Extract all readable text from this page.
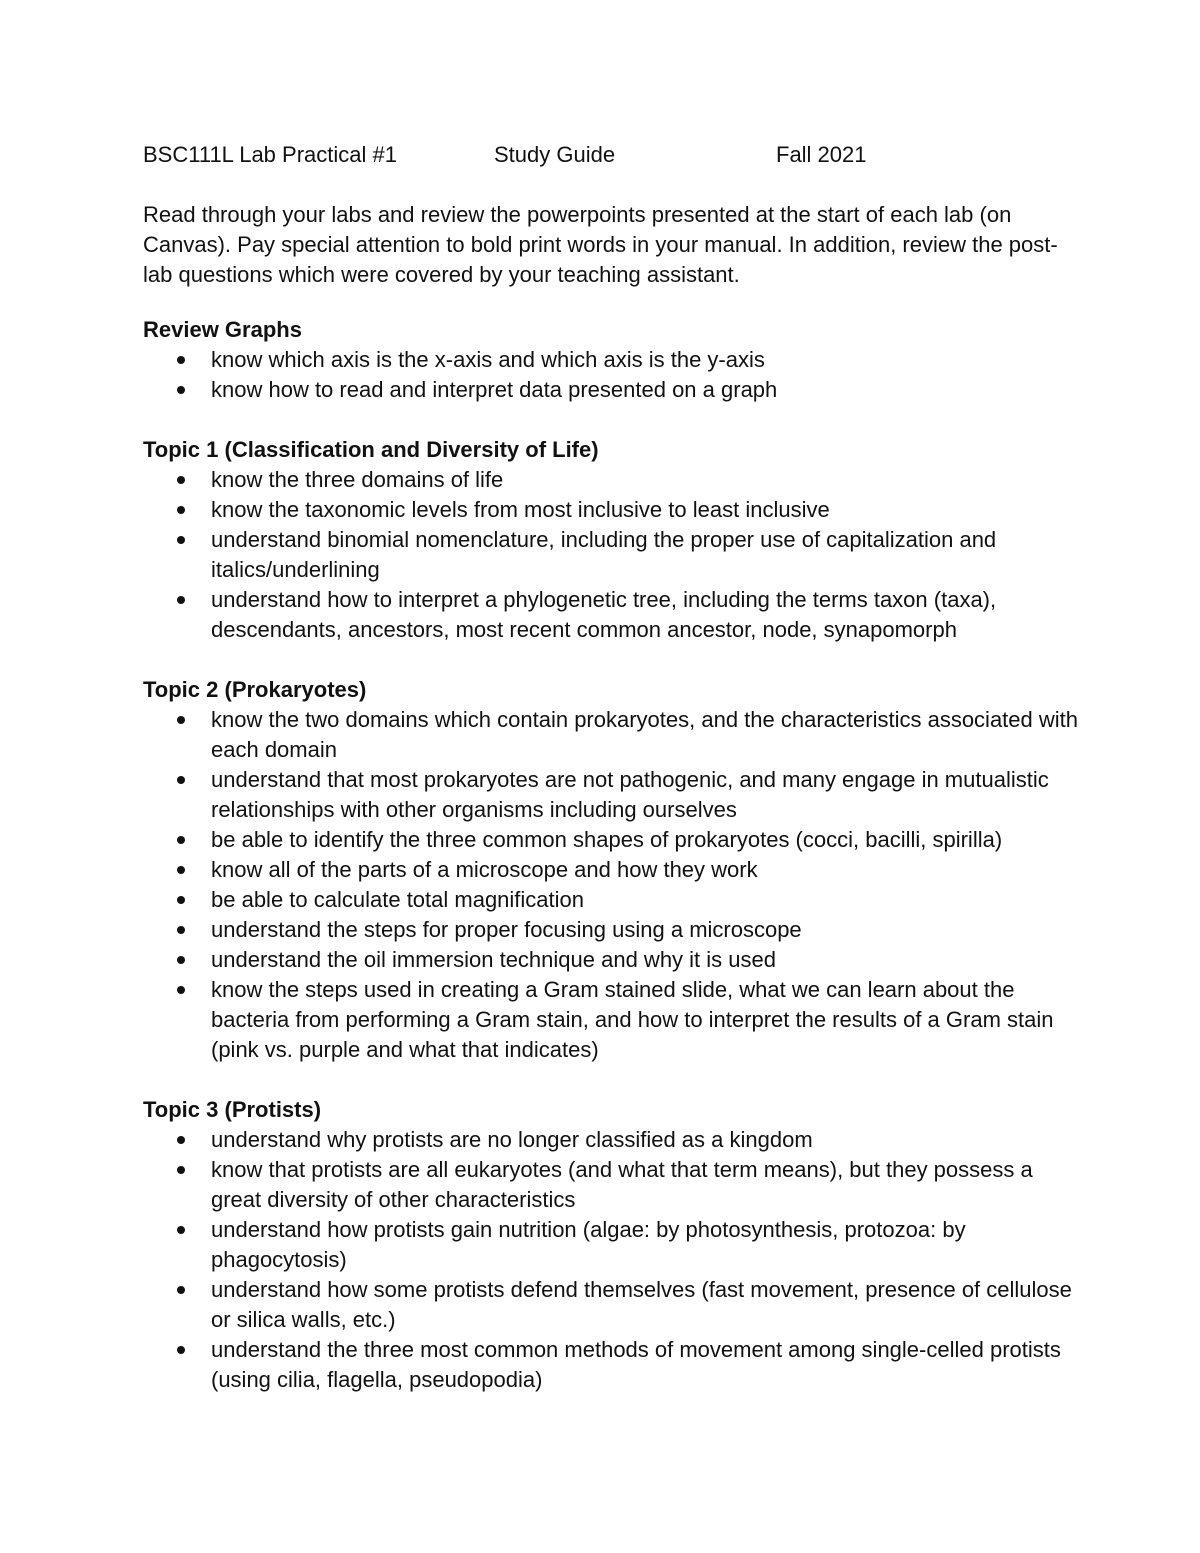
BSC111L Lab Practical #1	Study Guide	Fall 2021

Read through your labs and review the powerpoints presented at the start of each lab (on Canvas). Pay special attention to bold print words in your manual. In addition, review the post-lab questions which were covered by your teaching assistant.

Review Graphs
know which axis is the x-axis and which axis is the y-axis
know how to read and interpret data presented on a graph
Topic 1 (Classification and Diversity of Life)
know the three domains of life
know the taxonomic levels from most inclusive to least inclusive
understand binomial nomenclature, including the proper use of capitalization and italics/underlining
understand how to interpret a phylogenetic tree, including the terms taxon (taxa), descendants, ancestors, most recent common ancestor, node, synapomorph
Topic 2 (Prokaryotes)
know the two domains which contain prokaryotes, and the characteristics associated with each domain
understand that most prokaryotes are not pathogenic, and many engage in mutualistic relationships with other organisms including ourselves
be able to identify the three common shapes of prokaryotes (cocci, bacilli, spirilla)
know all of the parts of a microscope and how they work
be able to calculate total magnification
understand the steps for proper focusing using a microscope
understand the oil immersion technique and why it is used
know the steps used in creating a Gram stained slide, what we can learn about the bacteria from performing a Gram stain, and how to interpret the results of a Gram stain (pink vs. purple and what that indicates)
Topic 3 (Protists)
understand why protists are no longer classified as a kingdom
know that protists are all eukaryotes (and what that term means), but they possess a great diversity of other characteristics
understand how protists gain nutrition (algae: by photosynthesis, protozoa: by phagocytosis)
understand how some protists defend themselves (fast movement, presence of cellulose or silica walls, etc.)
understand the three most common methods of movement among single-celled protists (using cilia, flagella, pseudopodia)
